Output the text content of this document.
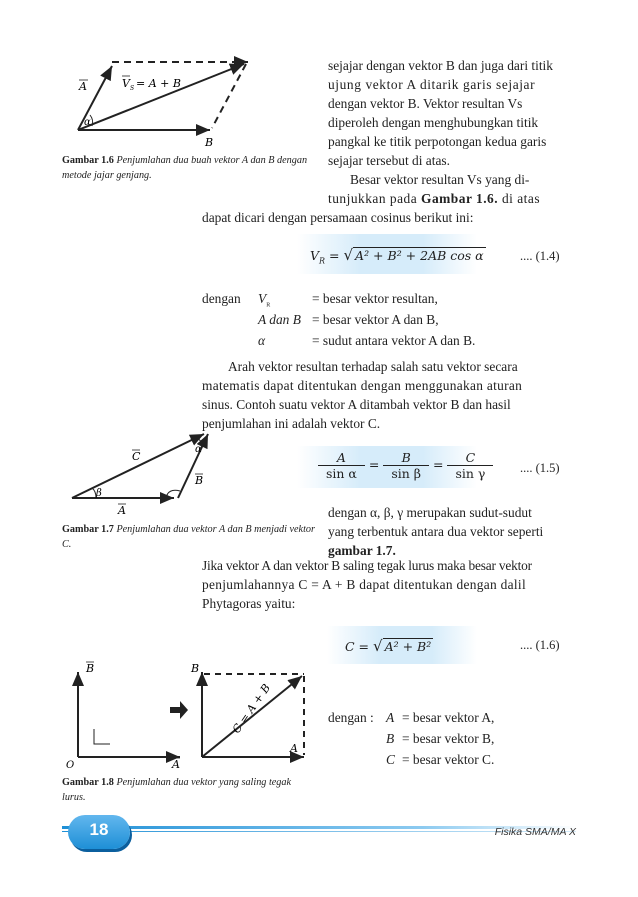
α
A
B
V S = A + B
Gambar 1.6 Penjumlahan dua buah vektor A dan B dengan metode jajar genjang.
sejajar dengan vektor B dan juga dari titik
ujung vektor A ditarik garis sejajar
dengan vektor B. Vektor resultan Vs
diperoleh dengan menghubungkan titik
pangkal ke titik perpotongan kedua garis
sejajar tersebut di atas.
Besar vektor resultan Vs yang di-
tunjukkan pada Gambar 1.6. di atas
dapat dicari dengan persamaan cosinus berikut ini:
$V_R$ = √ A² + B² + 2AB cos α	.... (1.4)
dengan $V_R$	= besar vektor resultan,
A dan B = besar vektor A dan B,
α	= sudut antara vektor A dan B.
Arah vektor resultan terhadap salah satu vektor secara
matematis dapat ditentukan dengan menggunakan aturan
sinus. Contoh suatu vektor A ditambah vektor B dan hasil
penjumlahan ini adalah vektor C.
β
α
C
B
A
Gambar 1.7 Penjumlahan dua vektor A dan B menjadi vektor C.
$\frac{A}{\text{sin α}} = \frac{B}{\text{sin β}} = \frac{C}{\text{sin γ}}$ .... (1.5)
dengan α, β, γ merupakan sudut-sudut
yang terbentuk antara dua vektor seperti
gambar 1.7.
Jika vektor A dan vektor B saling tegak lurus maka besar vektor
penjumlahannya C = A + B dapat ditentukan dengan dalil
Phytagoras yaitu:
C = √ A² + B²	.... (1.6)
O
B
A
B
A
C = A + B
Gambar 1.8 Penjumlahan dua vektor yang saling tegak lurus.
dengan : A = besar vektor A,
B = besar vektor B,
C = besar vektor C.
18	Fisika SMA/MA X
